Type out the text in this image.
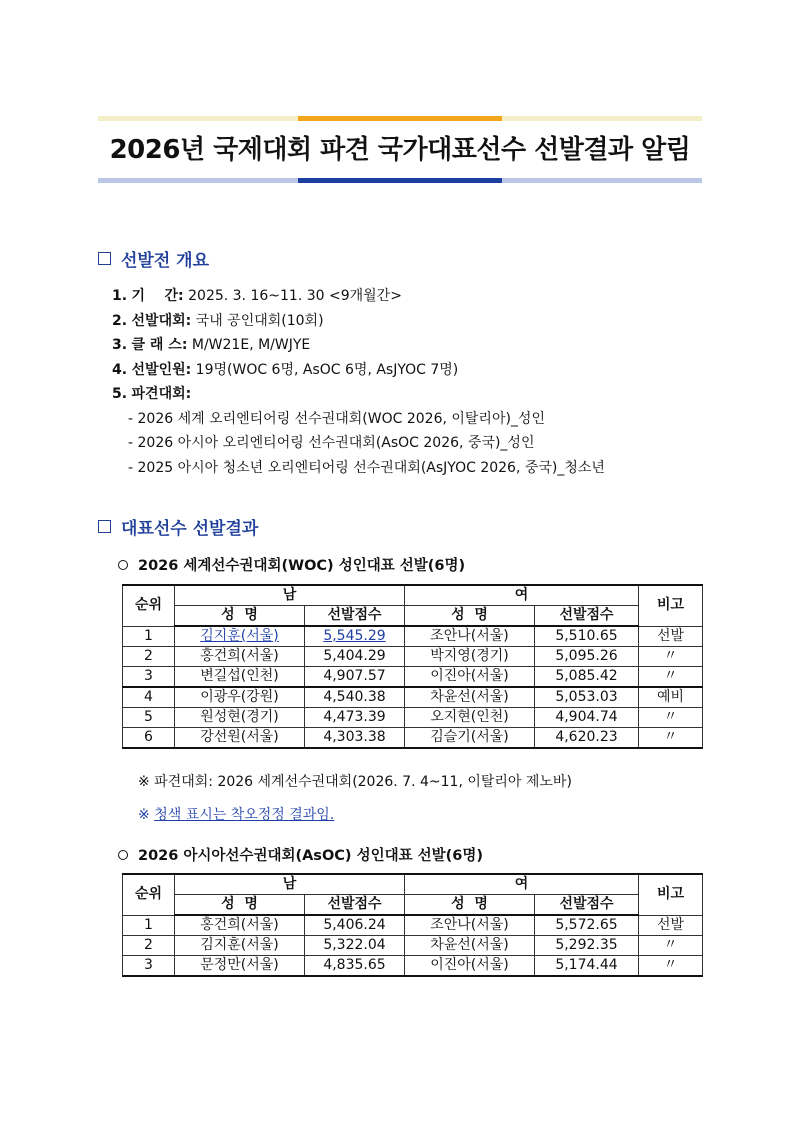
2026년 국제대회 파견 국가대표선수 선발결과 알림
선발전 개요
1. 기    간: 2025. 3. 16~11. 30 <9개월간>
2. 선발대회: 국내 공인대회(10회)
3. 클 래 스: M/W21E, M/WJYE
4. 선발인원: 19명(WOC 6명, AsOC 6명, AsJYOC 7명)
5. 파견대회:
- 2026 세계 오리엔티어링 선수권대회(WOC 2026, 이탈리아)_성인
- 2026 아시아 오리엔티어링 선수권대회(AsOC 2026, 중국)_성인
- 2025 아시아 청소년 오리엔티어링 선수권대회(AsJYOC 2026, 중국)_청소년
대표선수 선발결과
2026 세계선수권대회(WOC) 성인대표 선발(6명)
순위	남		여		비고
	성  명	선발점수	성  명	선발점수	
1	김지훈(서울)	5,545.29	조안나(서울)	5,510.65	선발
2	홍건희(서울)	5,404.29	박지영(경기)	5,095.26	〃
3	변길섭(인천)	4,907.57	이진아(서울)	5,085.42	〃
4	이광우(강원)	4,540.38	차윤선(서울)	5,053.03	예비
5	원성현(경기)	4,473.39	오지현(인천)	4,904.74	〃
6	강선원(서울)	4,303.38	김슬기(서울)	4,620.23	〃
※ 파견대회: 2026 세계선수권대회(2026. 7. 4~11, 이탈리아 제노바)
※ 청색 표시는 착오정정 결과임.
2026 아시아선수권대회(AsOC) 성인대표 선발(6명)
순위	남		여		비고
	성  명	선발점수	성  명	선발점수	
1	홍건희(서울)	5,406.24	조안나(서울)	5,572.65	선발
2	김지훈(서울)	5,322.04	차윤선(서울)	5,292.35	〃
3	문정만(서울)	4,835.65	이진아(서울)	5,174.44	〃
